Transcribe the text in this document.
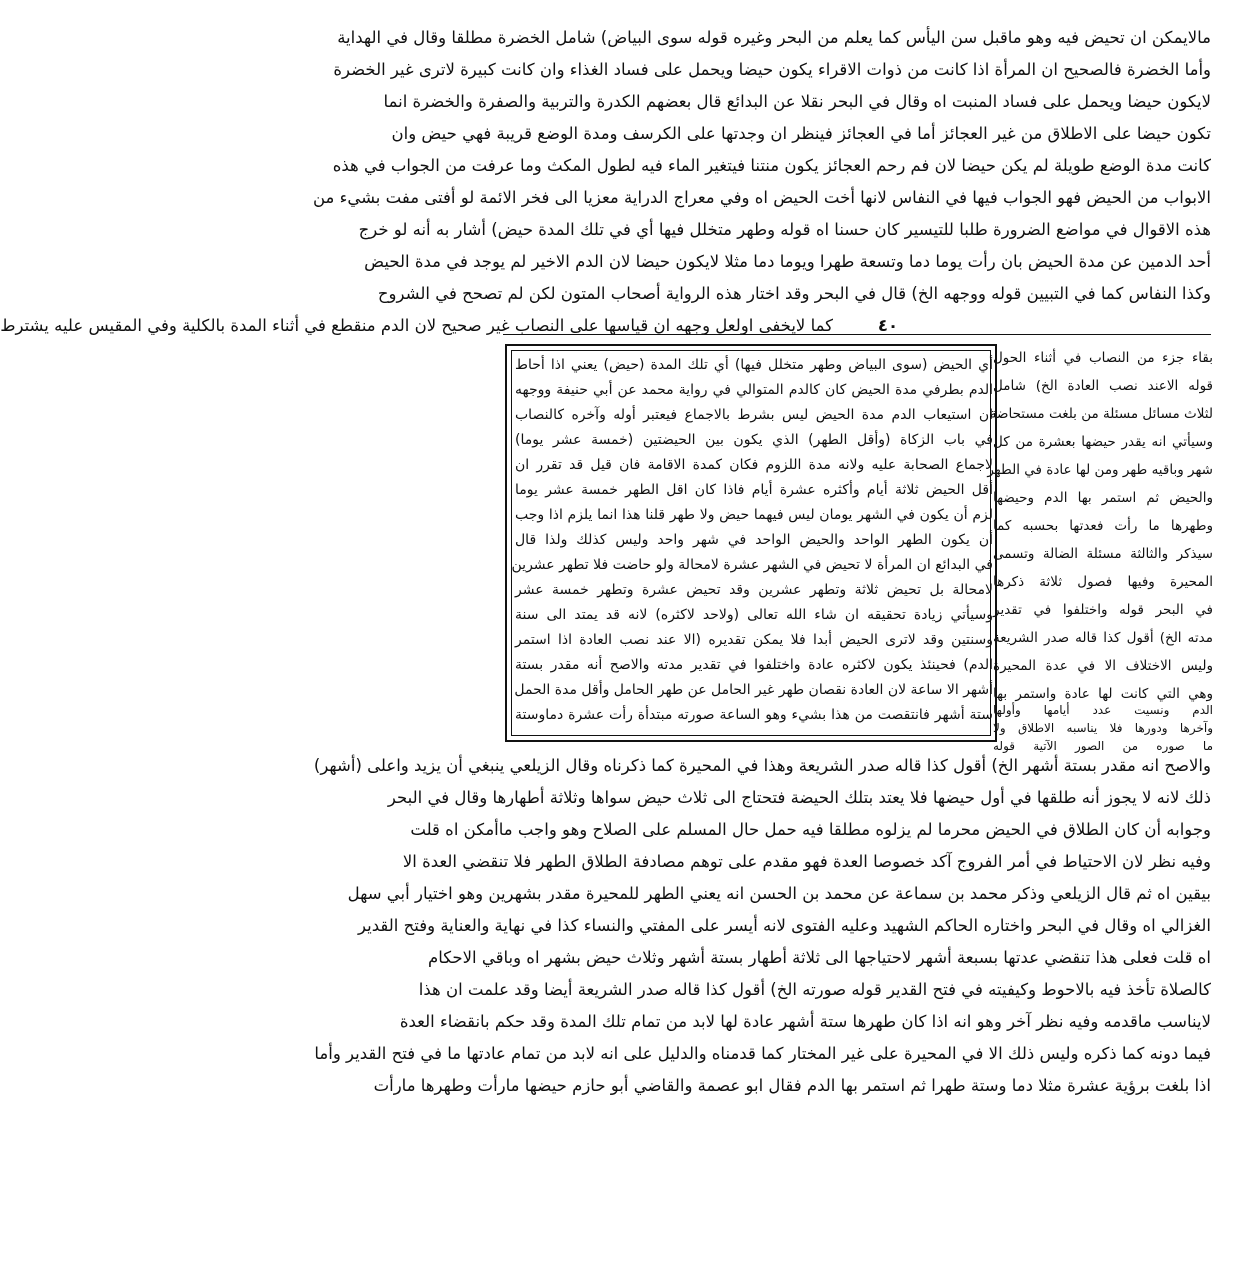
مالايمكن ان تحيض فيه وهو ماقبل سن اليأس كما يعلم من البحر وغيره قوله سوى البياض) شامل الخضرة مطلقا وقال في الهداية
وأما الخضرة فالصحيح ان المرأة اذا كانت من ذوات الاقراء يكون حيضا ويحمل على فساد الغذاء وان كانت كبيرة لاترى غير الخضرة
لايكون حيضا ويحمل على فساد المنبت اه وقال في البحر نقلا عن البدائع قال بعضهم الكدرة والتربية والصفرة والخضرة انما
تكون حيضا على الاطلاق من غير العجائز أما في العجائز فينظر ان وجدتها على الكرسف ومدة الوضع قريبة فهي حيض وان
كانت مدة الوضع طويلة لم يكن حيضا لان فم رحم العجائز يكون منتنا فيتغير الماء فيه لطول المكث وما عرفت من الجواب في هذه
الابواب من الحيض فهو الجواب فيها في النفاس لانها أخت الحيض اه وفي معراج الدراية معزيا الى فخر الائمة لو أفتى مفت بشيء من
هذه الاقوال في مواضع الضرورة طلبا للتيسير كان حسنا اه قوله وطهر متخلل فيها أي في تلك المدة حيض) أشار به أنه لو خرج
أحد الدمين عن مدة الحيض بان رأت يوما دما وتسعة طهرا ويوما دما مثلا لايكون حيضا لان الدم الاخير لم يوجد في مدة الحيض
وكذا النفاس كما في التبيين قوله ووجهه الخ) قال في البحر وقد اختار هذه الرواية أصحاب المتون لكن لم تصحح في الشروح
كما لايخفى اولعل وجهه ان قياسها على النصاب غير صحيح لان الدم منقطع في أثناء المدة بالكلية وفي المقيس عليه يشترط	٤٠
بقاء جزء من النصاب في أثناء الحول
قوله الاعند نصب العادة الخ) شامل
لثلاث مسائل مسئلة من بلغت مستحاضة
وسيأتي انه يقدر حيضها بعشرة من كل
شهر وباقيه طهر ومن لها عادة في الطهر
والحيض ثم استمر بها الدم وحيضها
وطهرها ما رأت فعدتها بحسبه كما
سيذكر والثالثة مسئلة الضالة وتسمى
المحيرة وفيها فصول ثلاثة ذكرها
في البحر قوله واختلفوا في تقدير
مدته الخ) أقول كذا قاله صدر الشريعة
وليس الاختلاف الا في عدة المحيرة
وهي التي كانت لها عادة واستمر بها
الدم ونسيت عدد أيامها وأولها
وآخرها ودورها فلا يناسبه الاطلاق ولا
ما صوره من الصور الآتية قوله
أي الحيض (سوى البياض وطهر متخلل فيها) أي تلك المدة (حيض) يعني اذا أحاط
الدم بطرفي مدة الحيض كان كالدم المتوالي في رواية محمد عن أبي حنيفة ووجهه
ان استيعاب الدم مدة الحيض ليس بشرط بالاجماع فيعتبر أوله وآخره كالنصاب
في باب الزكاة (وأقل الطهر) الذي يكون بين الحيضتين (خمسة عشر يوما)
لاجماع الصحابة عليه ولانه مدة اللزوم فكان كمدة الاقامة فان قيل قد تقرر ان
أقل الحيض ثلاثة أيام وأكثره عشرة أيام فاذا كان اقل الطهر خمسة عشر يوما
لزم أن يكون في الشهر يومان ليس فيهما حيض ولا طهر قلنا هذا انما يلزم اذا وجب
أن يكون الطهر الواحد والحيض الواحد في شهر واحد وليس كذلك ولذا قال
في البدائع ان المرأة لا تحيض في الشهر عشرة لامحالة ولو حاضت فلا تطهر عشرين
لامحالة بل تحيض ثلاثة وتطهر عشرين وقد تحيض عشرة وتطهر خمسة عشر
وسيأتي زيادة تحقيقه ان شاء الله تعالى (ولاحد لاكثره) لانه قد يمتد الى سنة
وسنتين وقد لاترى الحيض أبدا فلا يمكن تقديره (الا عند نصب العادة اذا استمر
الدم) فحينئذ يكون لاكثره عادة واختلفوا في تقدير مدته والاصح أنه مقدر بستة
أشهر الا ساعة لان العادة نقصان طهر غير الحامل عن طهر الحامل وأقل مدة الحمل
ستة أشهر فانتقصت من هذا بشيء وهو الساعة صورته مبتدأة رأت عشرة دماوستة
والاصح انه مقدر بستة أشهر الخ) أقول كذا قاله صدر الشريعة وهذا في المحيرة كما ذكرناه وقال الزيلعي ينبغي أن يزيد واعلى (أشهر)
ذلك لانه لا يجوز أنه طلقها في أول حيضها فلا يعتد بتلك الحيضة فتحتاج الى ثلاث حيض سواها وثلاثة أطهارها وقال في البحر
وجوابه أن كان الطلاق في الحيض محرما لم يزلوه مطلقا فيه حمل حال المسلم على الصلاح وهو واجب ماأمكن اه قلت
وفيه نظر لان الاحتياط في أمر الفروج آكد خصوصا العدة فهو مقدم على توهم مصادفة الطلاق الطهر فلا تنقضي العدة الا
بيقين اه ثم قال الزيلعي وذكر محمد بن سماعة عن محمد بن الحسن انه يعني الطهر للمحيرة مقدر بشهرين وهو اختيار أبي سهل
الغزالي اه وقال في البحر واختاره الحاكم الشهيد وعليه الفتوى لانه أيسر على المفتي والنساء كذا في نهاية والعناية وفتح القدير
اه قلت فعلى هذا تنقضي عدتها بسبعة أشهر لاحتياجها الى ثلاثة أطهار بستة أشهر وثلاث حيض بشهر اه وباقي الاحكام
كالصلاة تأخذ فيه بالاحوط وكيفيته في فتح القدير قوله صورته الخ) أقول كذا قاله صدر الشريعة أيضا وقد علمت ان هذا
لايناسب ماقدمه وفيه نظر آخر وهو انه اذا كان طهرها ستة أشهر عادة لها لابد من تمام تلك المدة وقد حكم بانقضاء العدة
فيما دونه كما ذكره وليس ذلك الا في المحيرة على غير المختار كما قدمناه والدليل على انه لابد من تمام عادتها ما في فتح القدير وأما
اذا بلغت برؤية عشرة مثلا دما وستة طهرا ثم استمر بها الدم فقال ابو عصمة والقاضي أبو حازم حيضها مارأت وطهرها مارأت
